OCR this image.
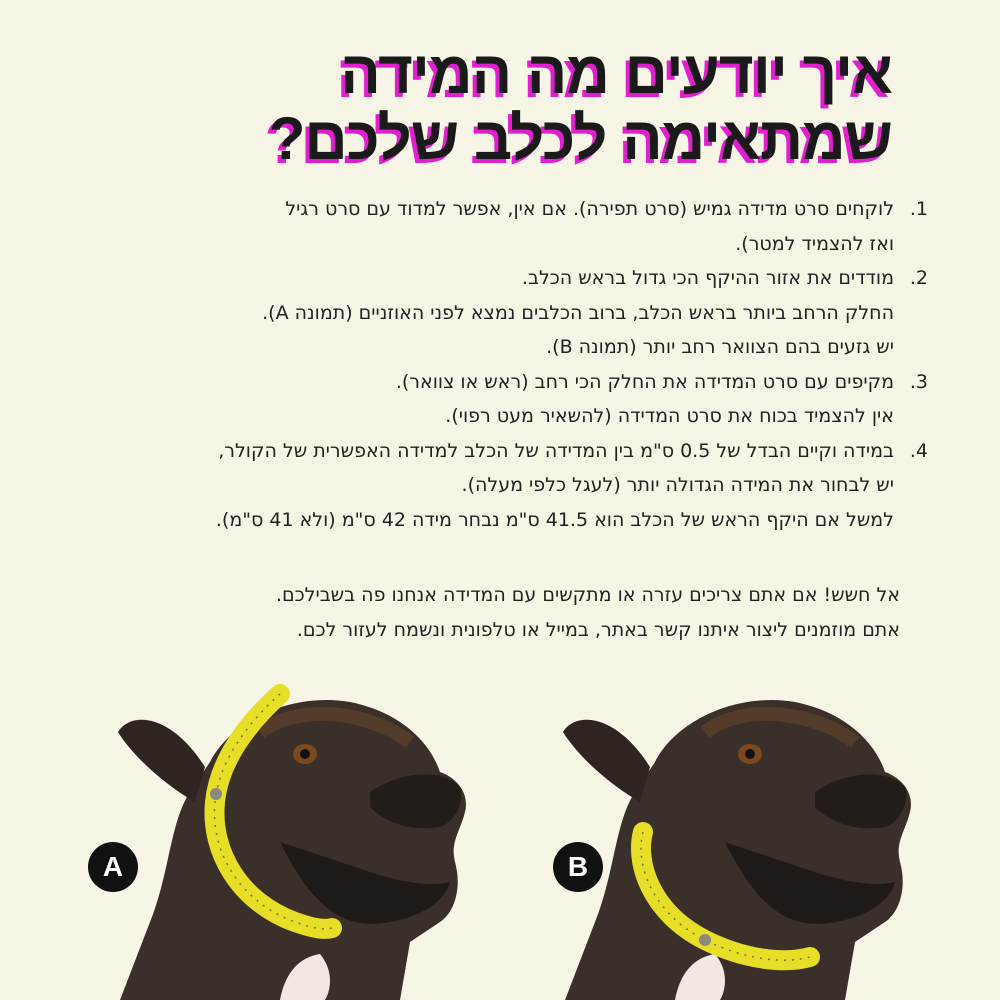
איך יודעים מה המידה
שמתאימה לכלב שלכם?
1.
לוקחים סרט מדידה גמיש (סרט תפירה). אם אין, אפשר למדוד עם סרט רגיל
ואז להצמיד למטר).
2.
מודדים את אזור ההיקף הכי גדול בראש הכלב.
החלק הרחב ביותר בראש הכלב, ברוב הכלבים נמצא לפני האוזניים (תמונה A).
יש גזעים בהם הצוואר רחב יותר (תמונה B).
3.
מקיפים עם סרט המדידה את החלק הכי רחב (ראש או צוואר).
אין להצמיד בכוח את סרט המדידה (להשאיר מעט רפוי).
4.
במידה וקיים הבדל של 0.5 ס"מ בין המדידה של הכלב למדידה האפשרית של הקולר,
יש לבחור את המידה הגדולה יותר (לעגל כלפי מעלה).
למשל אם היקף הראש של הכלב הוא 41.5 ס"מ נבחר מידה 42 ס"מ (ולא 41 ס"מ).
אל חשש! אם אתם צריכים עזרה או מתקשים עם המדידה אנחנו פה בשבילכם.
אתם מוזמנים ליצור איתנו קשר באתר, במייל או טלפונית ונשמח לעזור לכם.
A	B
